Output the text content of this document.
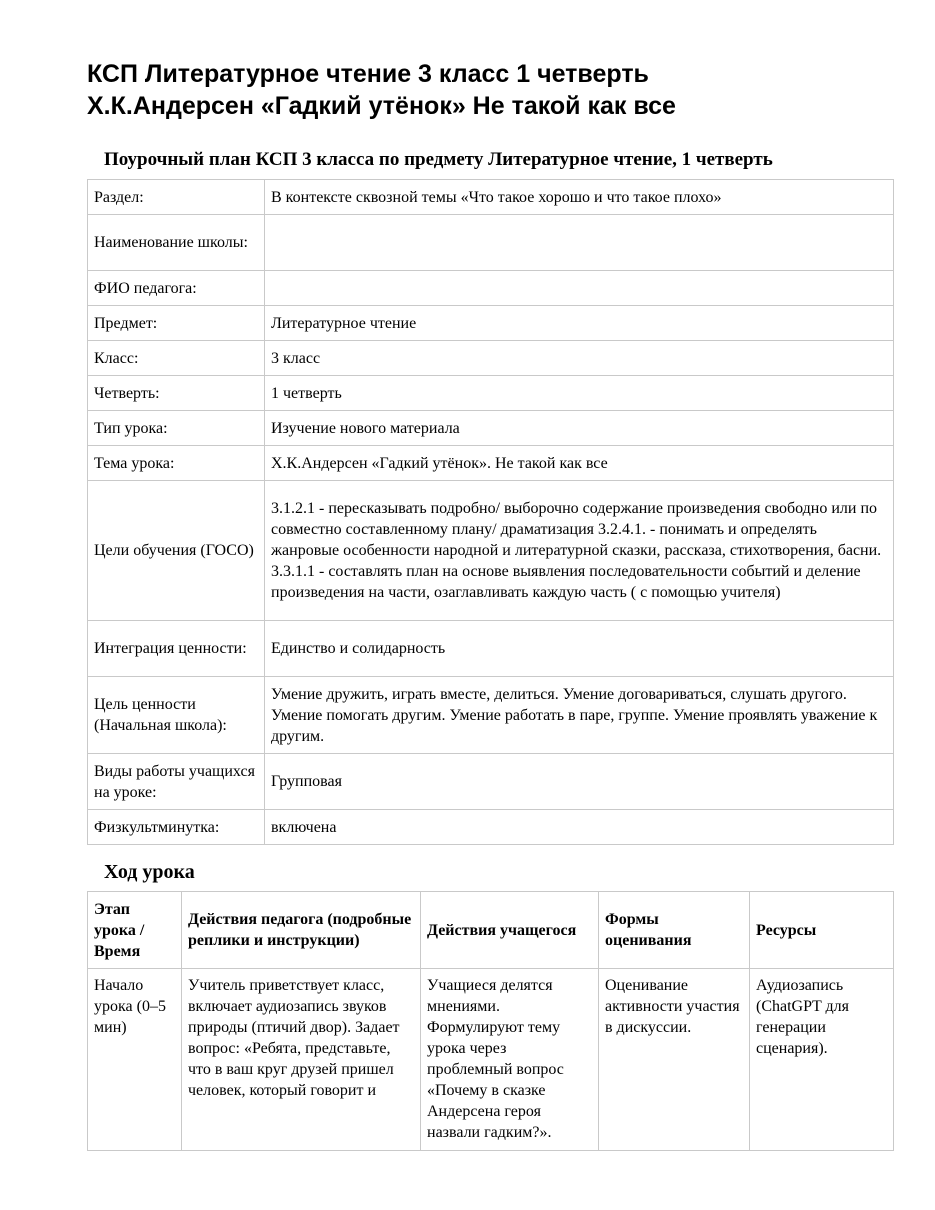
КСП Литературное чтение 3 класс 1 четверть
Х.К.Андерсен «Гадкий утёнок» Не такой как все
Поурочный план КСП 3 класса по предмету Литературное чтение, 1 четверть
Раздел:	В контексте сквозной темы «Что такое хорошо и что такое плохо»
Наименование школы:	
ФИО педагога:	
Предмет:	Литературное чтение
Класс:	3 класс
Четверть:	1 четверть
Тип урока:	Изучение нового материала
Тема урока:	Х.К.Андерсен «Гадкий утёнок». Не такой как все
Цели обучения (ГОСО)	3.1.2.1 - пересказывать подробно/ выборочно содержание произведения свободно или по совместно составленному плану/ драматизация 3.2.4.1. - понимать и определять жанровые особенности народной и литературной сказки, рассказа, стихотворения, басни. 3.3.1.1 - составлять план на основе выявления последовательности событий и деление произведения на части, озаглавливать каждую часть ( с помощью учителя)
Интеграция ценности:	Единство и солидарность
Цель ценности (Начальная школа):	Умение дружить, играть вместе, делиться. Умение договариваться, слушать другого. Умение помогать другим. Умение работать в паре, группе. Умение проявлять уважение к другим.
Виды работы учащихся на уроке:	Групповая
Физкультминутка:	включена
Ход урока
Этап урока / Время	Действия педагога (подробные реплики и инструкции)	Действия учащегося	Формы оценивания	Ресурсы
Начало урока (0–5 мин)	Учитель приветствует класс, включает аудиозапись звуков природы (птичий двор). Задает вопрос: «Ребята, представьте, что в ваш круг друзей пришел человек, который говорит и	Учащиеся делятся мнениями. Формулируют тему урока через проблемный вопрос «Почему в сказке Андерсена героя назвали гадким?».	Оценивание активности участия в дискуссии.	Аудиозапись (ChatGPT для генерации сценария).
